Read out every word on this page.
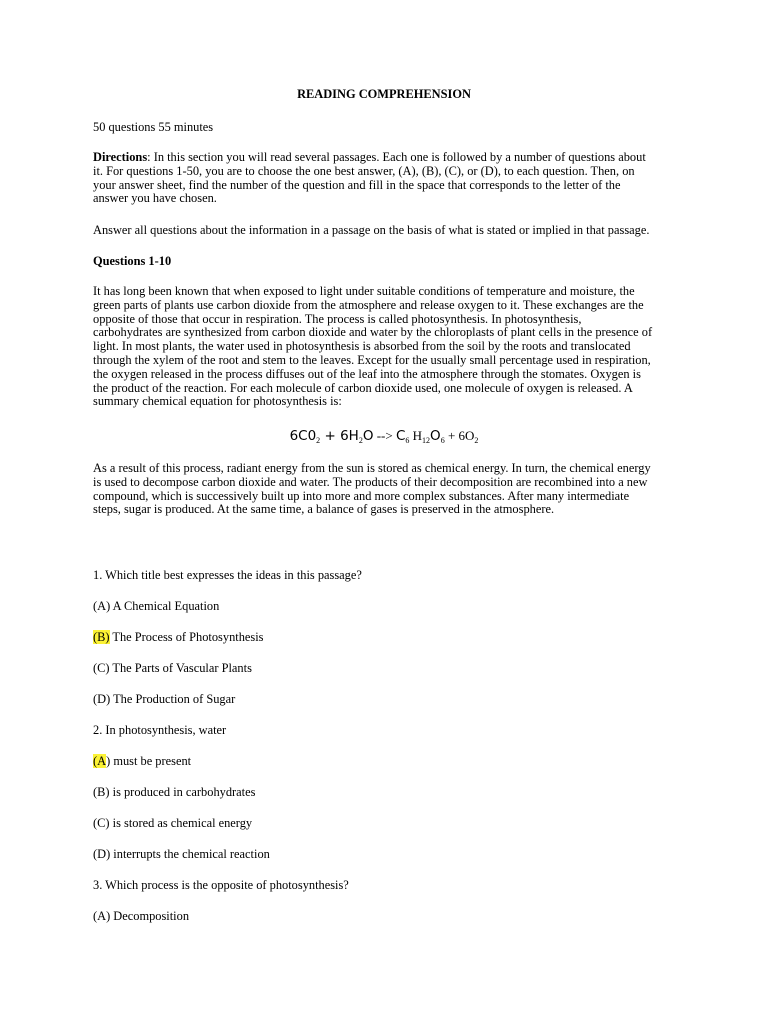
READING COMPREHENSION
50 questions 55 minutes
Directions: In this section you will read several passages. Each one is followed by a number of questions about
it. For questions 1-50, you are to choose the one best answer, (A), (B), (C), or (D), to each question. Then, on
your answer sheet, find the number of the question and fill in the space that corresponds to the letter of the
answer you have chosen.
Answer all questions about the information in a passage on the basis of what is stated or implied in that passage.
Questions 1-10
It has long been known that when exposed to light under suitable conditions of temperature and moisture, the
green parts of plants use carbon dioxide from the atmosphere and release oxygen to it. These exchanges are the
opposite of those that occur in respiration. The process is called photosynthesis. In photosynthesis,
carbohydrates are synthesized from carbon dioxide and water by the chloroplasts of plant cells in the presence of
light. In most plants, the water used in photosynthesis is absorbed from the soil by the roots and translocated
through the xylem of the root and stem to the leaves. Except for the usually small percentage used in respiration,
the oxygen released in the process diffuses out of the leaf into the atmosphere through the stomates. Oxygen is
the product of the reaction. For each molecule of carbon dioxide used, one molecule of oxygen is released. A
summary chemical equation for photosynthesis is:
$6C0_2 + 6H_2O$ --> $C_6$ $H_{12}O_6 + 6O_2$
As a result of this process, radiant energy from the sun is stored as chemical energy. In turn, the chemical energy
is used to decompose carbon dioxide and water. The products of their decomposition are recombined into a new
compound, which is successively built up into more and more complex substances. After many intermediate
steps, sugar is produced. At the same time, a balance of gases is preserved in the atmosphere.
1. Which title best expresses the ideas in this passage?
(A) A Chemical Equation
(B) The Process of Photosynthesis
(C) The Parts of Vascular Plants
(D) The Production of Sugar
2. In photosynthesis, water
(A) must be present
(B) is produced in carbohydrates
(C) is stored as chemical energy
(D) interrupts the chemical reaction
3. Which process is the opposite of photosynthesis?
(A) Decomposition
